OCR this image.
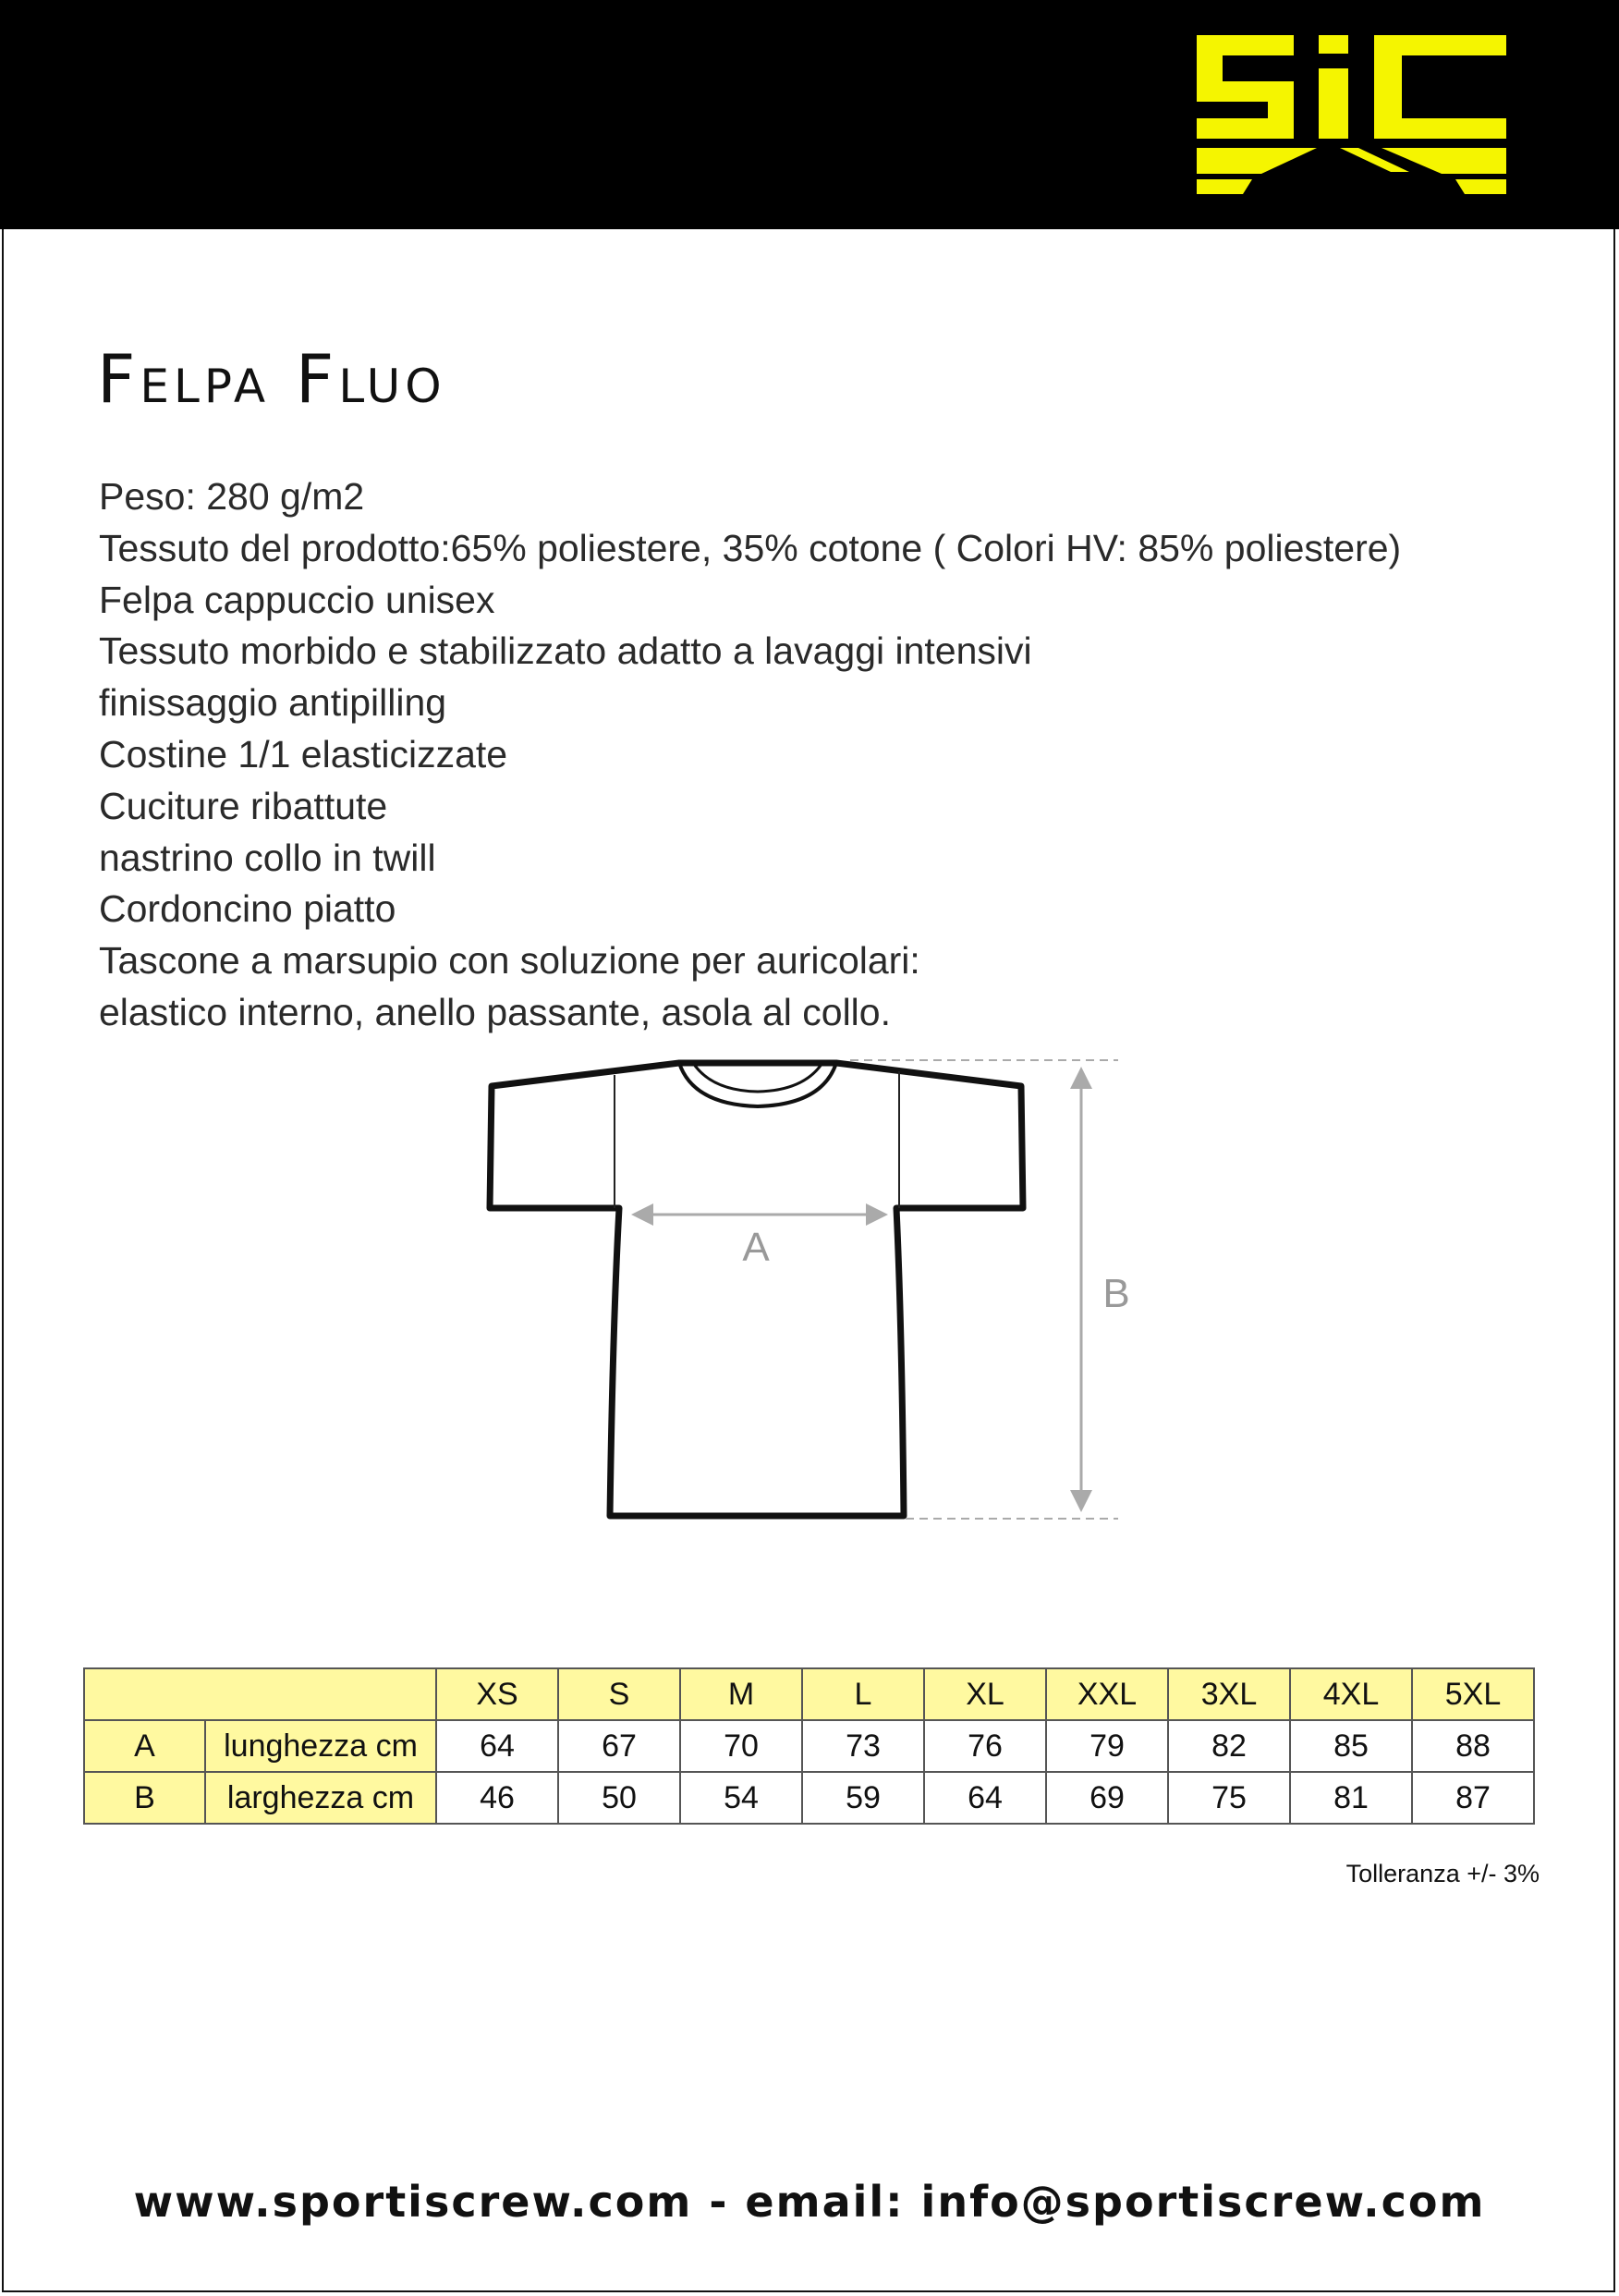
Felpa Fluo
Peso: 280 g/m2
Tessuto del prodotto:65% poliestere, 35% cotone ( Colori HV: 85% poliestere)
Felpa cappuccio unisex
Tessuto morbido e stabilizzato adatto a lavaggi intensivi
finissaggio antipilling
Costine 1/1 elasticizzate
Cuciture ribattute
nastrino collo in twill
Cordoncino piatto
Tascone a marsupio con soluzione per auricolari:
elastico interno, anello passante, asola al collo.
A
B
		XS	S	M	L	XL	XXL	3XL	4XL	5XL
A	lunghezza cm	64	67	70	73	76	79	82	85	88
B	larghezza cm	46	50	54	59	64	69	75	81	87
Tolleranza +/- 3%
www.sportiscrew.com - email: info@sportiscrew.com
